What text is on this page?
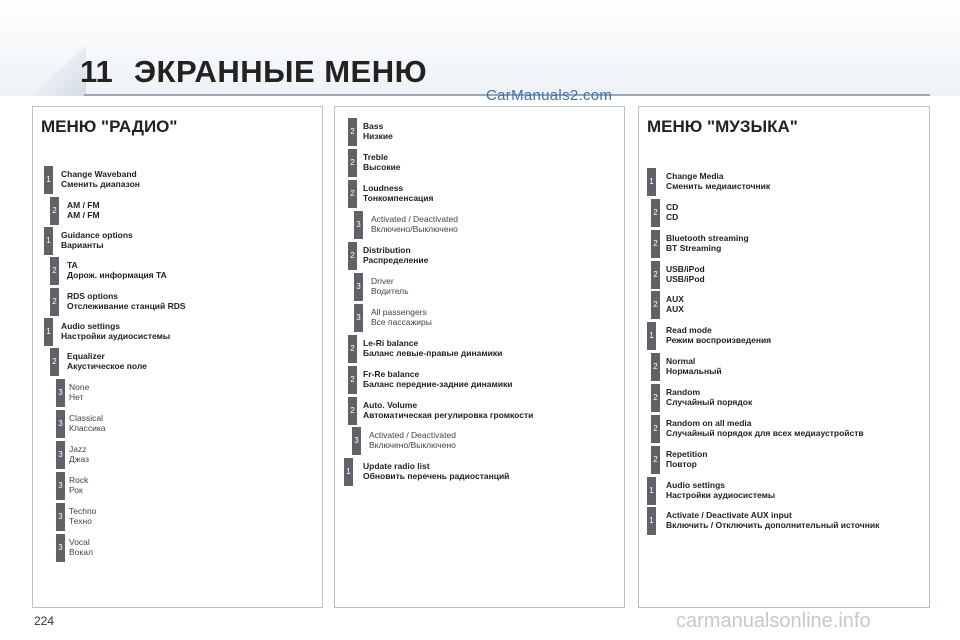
11 ЭКРАННЫЕ МЕНЮ
CarManuals2.com
МЕНЮ "РАДИО"	МЕНЮ "МУЗЫКА"
1
Change Waveband
Сменить диапазон
2
AM / FM
AM / FM
1
Guidance options
Варианты
2
TA
Дорож. информация ТА
2
RDS options
Отслеживание станций RDS
1
Audio settings
Настройки аудиосистемы
2
Equalizer
Акустическое поле
3
None
Нет
3
Classical
Классика
3
Jazz
Джаз
3
Rock
Рок
3
Techno
Техно
3
Vocal
Вокал
2
Bass
Низкие
2
Treble
Высокие
2
Loudness
Тонкомпенсация
3
Activated / Deactivated
Включено/Выключено
2
Distribution
Распределение
3
Driver
Водитель
3
All passengers
Все пассажиры
2
Le-Ri balance
Баланс левые-правые динамики
2
Fr-Re balance
Баланс передние-задние динамики
2
Auto. Volume
Автоматическая регулировка громкости
3
Activated / Deactivated
Включено/Выключено
1
Update radio list
Обновить перечень радиостанций
1
Change Media
Сменить медиаисточник
2
CD
CD
2
Bluetooth streaming
BT Streaming
2
USB/iPod
USB/iPod
2
AUX
AUX
1
Read mode
Режим воспроизведения
2
Normal
Нормальный
2
Random
Случайный порядок
2
Random on all media
Случайный порядок для всех медиаустройств
2
Repetition
Повтор
1
Audio settings
Настройки аудиосистемы
1
Activate / Deactivate AUX input
Включить / Отключить дополнительный источник
224	carmanualsonline.info
